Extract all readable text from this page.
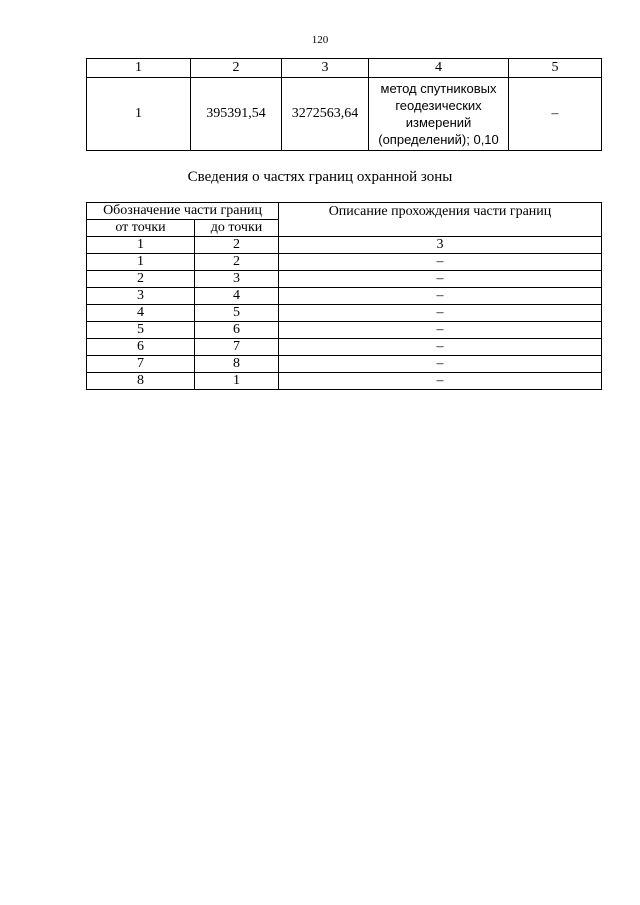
120
1	2	3	4	5
1	395391,54	3272563,64	метод спутниковых
геодезических
измерений
(определений); 0,10	–
Сведения о частях границ охранной зоны
Обозначение части границ		Описание прохождения части границ
от точки	до точки	
1	2	3
1	2	–
2	3	–
3	4	–
4	5	–
5	6	–
6	7	–
7	8	–
8	1	–
